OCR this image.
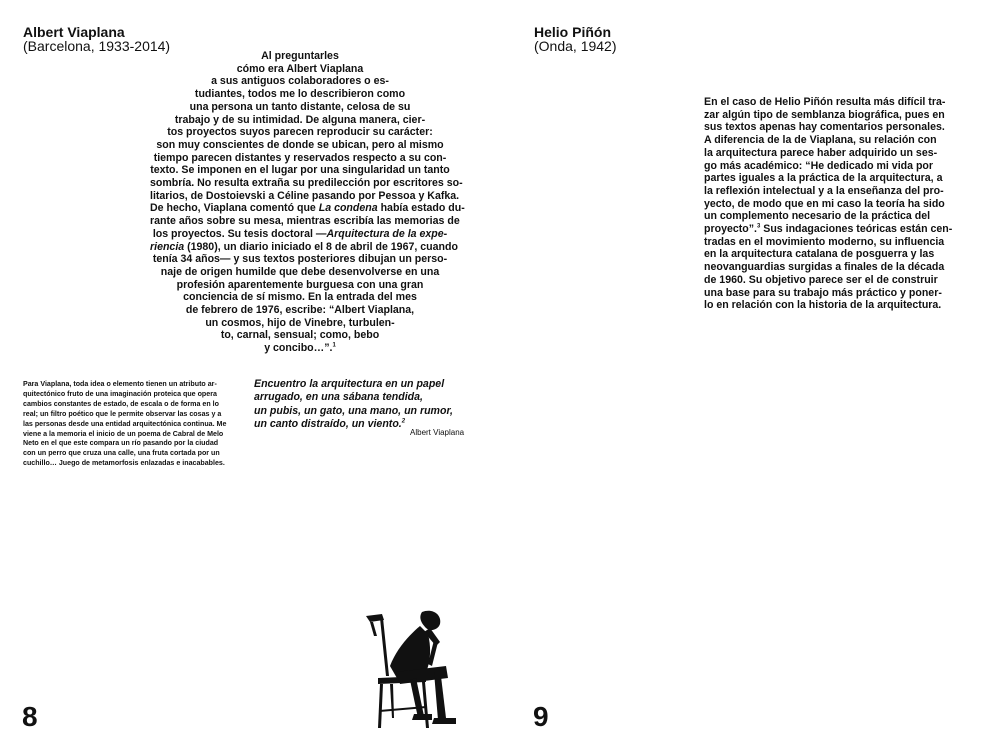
Albert Viaplana
(Barcelona, 1933-2014)

Al preguntarles
cómo era Albert Viaplana
a sus antiguos colaboradores o es-
tudiantes, todos me lo describieron como
una persona un tanto distante, celosa de su
trabajo y de su intimidad. De alguna manera, cier-
tos proyectos suyos parecen reproducir su carácter:
son muy conscientes de donde se ubican, pero al mismo
tiempo parecen distantes y reservados respecto a su con-
texto. Se imponen en el lugar por una singularidad un tanto
sombría. No resulta extraña su predilección por escritores so-
litarios, de Dostoievski a Céline pasando por Pessoa y Kafka.
De hecho, Viaplana comentó que La condena había estado du-
rante años sobre su mesa, mientras escribía las memorias de
los proyectos. Su tesis doctoral —Arquitectura de la expe-
riencia (1980), un diario iniciado el 8 de abril de 1967, cuando
tenía 34 años— y sus textos posteriores dibujan un perso-
naje de origen humilde que debe desenvolverse en una
profesión aparentemente burguesa con una gran
conciencia de sí mismo. En la entrada del mes
de febrero de 1976, escribe: “Albert Viaplana,
un cosmos, hijo de Vinebre, turbulen-
to, carnal, sensual; como, bebo
y concibo…”.$^1$

Para Viaplana, toda idea o elemento tienen un atributo ar-
quitectónico fruto de una imaginación proteica que opera
cambios constantes de estado, de escala o de forma en lo
real; un filtro poético que le permite observar las cosas y a
las personas desde una entidad arquitectónica continua. Me
viene a la memoria el inicio de un poema de Cabral de Melo
Neto en el que este compara un río pasando por la ciudad
con un perro que cruza una calle, una fruta cortada por un
cuchillo… Juego de metamorfosis enlazadas e inacabables.

Encuentro la arquitectura en un papel
arrugado, en una sábana tendida,
un pubis, un gato, una mano, un rumor,
un canto distraído, un viento.$^2$

Albert Viaplana
8
Helio Piñón
(Onda, 1942)

En el caso de Helio Piñón resulta más difícil tra-
zar algún tipo de semblanza biográfica, pues en
sus textos apenas hay comentarios personales.
A diferencia de la de Viaplana, su relación con
la arquitectura parece haber adquirido un ses-
go más académico: “He dedicado mi vida por
partes iguales a la práctica de la arquitectura, a
la reflexión intelectual y a la enseñanza del pro-
yecto, de modo que en mi caso la teoría ha sido
un complemento necesario de la práctica del
proyecto”.$^3$ Sus indagaciones teóricas están cen-
tradas en el movimiento moderno, su influencia
en la arquitectura catalana de posguerra y las
neovanguardias surgidas a finales de la década
de 1960. Su objetivo parece ser el de construir
una base para su trabajo más práctico y poner-
lo en relación con la historia de la arquitectura.

9
